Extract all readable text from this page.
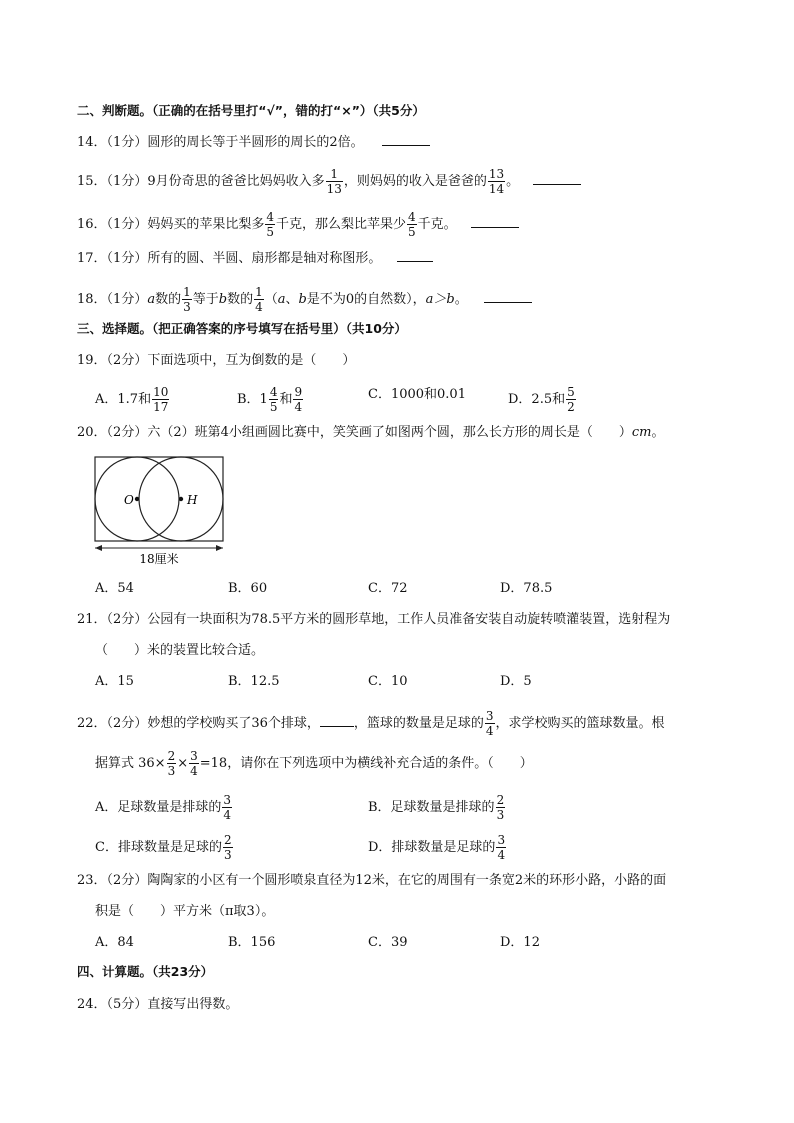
二、判断题。（正确的在括号里打“√”，错的打“×”）（共5分）
14．（1分）圆形的周长等于半圆形的周长的2倍。
15．（1分）9月份奇思的爸爸比妈妈收入多 $\frac{1}{13}$ ，则妈妈的收入是爸爸的 $\frac{13}{14}$ 。
16．（1分）妈妈买的苹果比梨多 $\frac{4}{5}$ 千克，那么梨比苹果少 $\frac{4}{5}$ 千克。
17．（1分）所有的圆、半圆、扇形都是轴对称图形。
18．（1分）a数的 $\frac{1}{3}$ 等于b数的 $\frac{1}{4} (a$、b是不为0的自然数），a＞b。
三、选择题。（把正确答案的序号填写在括号里）（共10分）
19．（2分）下面选项中，互为倒数的是（　　）
A．1.7和 $\frac{10}{17}$	B．$1 \frac{4}{5}$ 和 $\frac{9}{4}$	C．1000和0.01	D．2.5和 $\frac{5}{2}$
20．（2分）六（2）班第4小组画圆比赛中，笑笑画了如图两个圆，那么长方形的周长是（　　）cm。
O	H
18厘米
A．54	B．60	C．72	D．78.5
21．（2分）公园有一块面积为78.5平方米的圆形草地，工作人员准备安装自动旋转喷灌装置，选射程为
（　　）米的装置比较合适。
A．15	B．12.5	C．10	D．5
22．（2分）妙想的学校购买了36个排球，	，篮球的数量是足球的 $\frac{3}{4}$ ，求学校购买的篮球数量。根
据算式 $36\times \frac{2}{3} \times \frac{3}{4} =18$，请你在下列选项中为横线补充合适的条件。（　　）
A．足球数量是排球的 $\frac{3}{4}$	B．足球数量是排球的 $\frac{2}{3}$
C．排球数量是足球的 $\frac{2}{3}$	D．排球数量是足球的 $\frac{3}{4}$
23．（2分）陶陶家的小区有一个圆形喷泉直径为12米，在它的周围有一条宽2米的环形小路，小路的面
积是（　　）平方米（π取3）。
A．84	B．156	C．39	D．12
四、计算题。（共23分）
24．（5分）直接写出得数。
